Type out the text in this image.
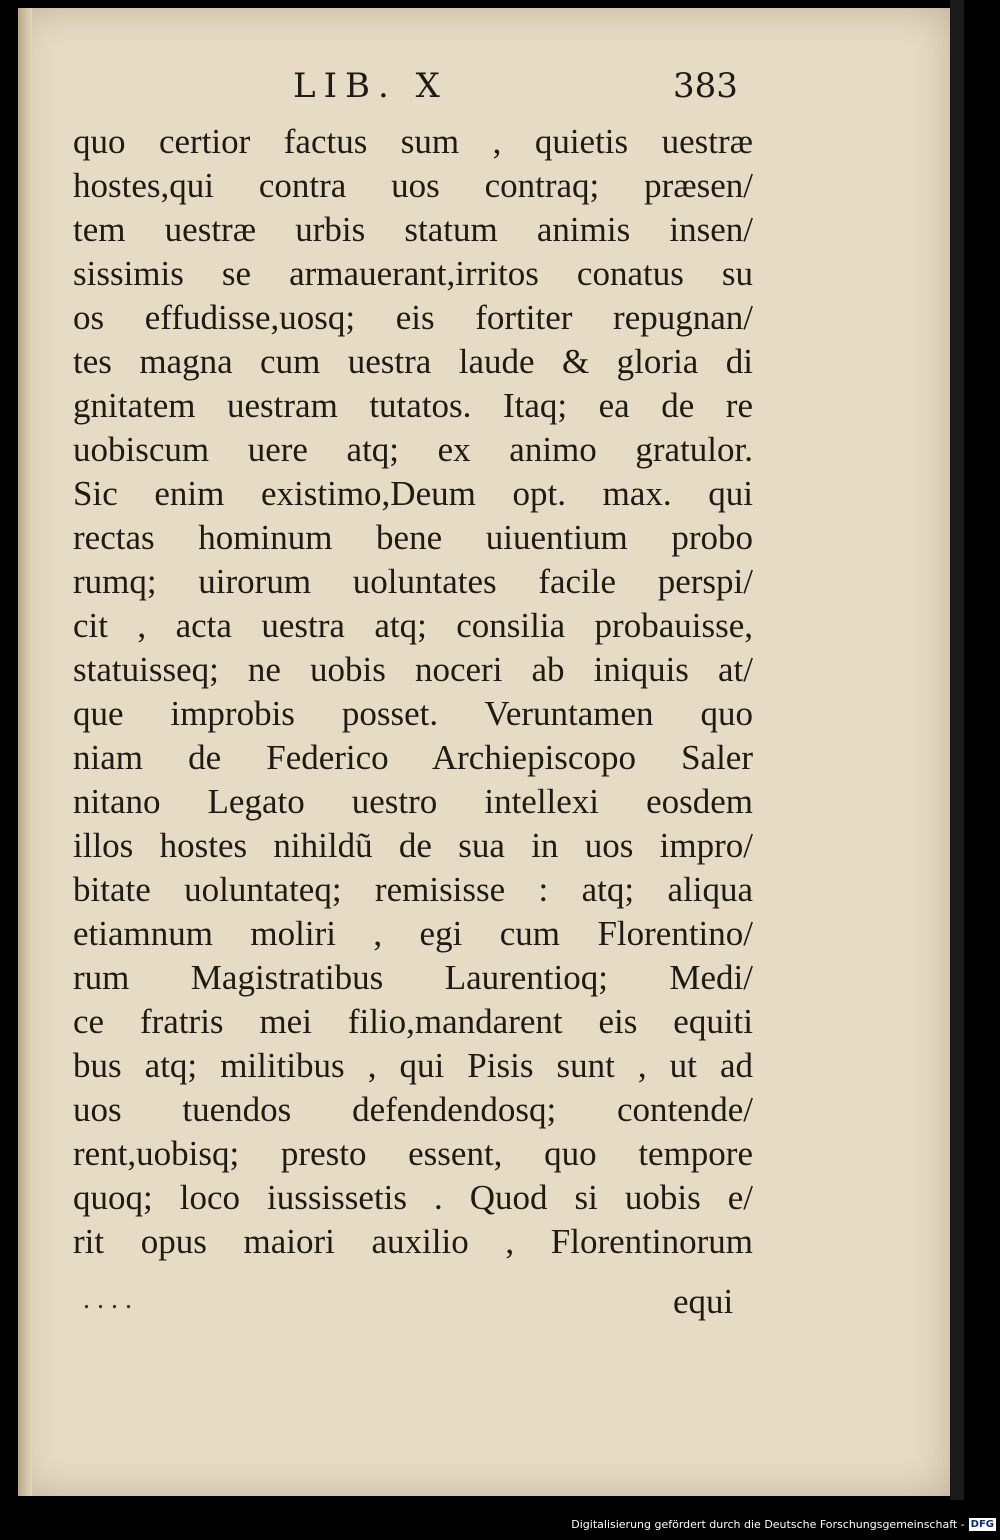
LIB. X	383
quo certior factus sum , quietis uestræ
hostes,qui contra uos contraq; præsen/
tem uestræ urbis statum animis insen/
sissimis se armauerant,irritos conatus su
os effudisse,uosq; eis fortiter repugnan/
tes magna cum uestra laude & gloria di
gnitatem uestram tutatos. Itaq; ea de re
uobiscum uere atq; ex animo gratulor.
Sic enim existimo,Deum opt. max. qui
rectas hominum bene uiuentium probo
rumq; uirorum uoluntates facile perspi/
cit , acta uestra atq; consilia probauisse,
statuisseq; ne uobis noceri ab iniquis at/
que improbis posset. Veruntamen quo
niam de Federico Archiepiscopo Saler
nitano Legato uestro intellexi eosdem
illos hostes nihildũ de sua in uos impro/
bitate uoluntateq; remisisse : atq; aliqua
etiamnum moliri , egi cum Florentino/
rum Magistratibus Laurentioq; Medi/
ce fratris mei filio,mandarent eis equiti
bus atq; militibus , qui Pisis sunt , ut ad
uos tuendos defendendosq; contende/
rent,uobisq; presto essent, quo tempore
quoq; loco iussissetis . Quod si uobis e/
rit opus maiori auxilio , Florentinorum
. . . .	equi
Digitalisierung gefördert durch die Deutsche Forschungsgemeinschaft - DFG
